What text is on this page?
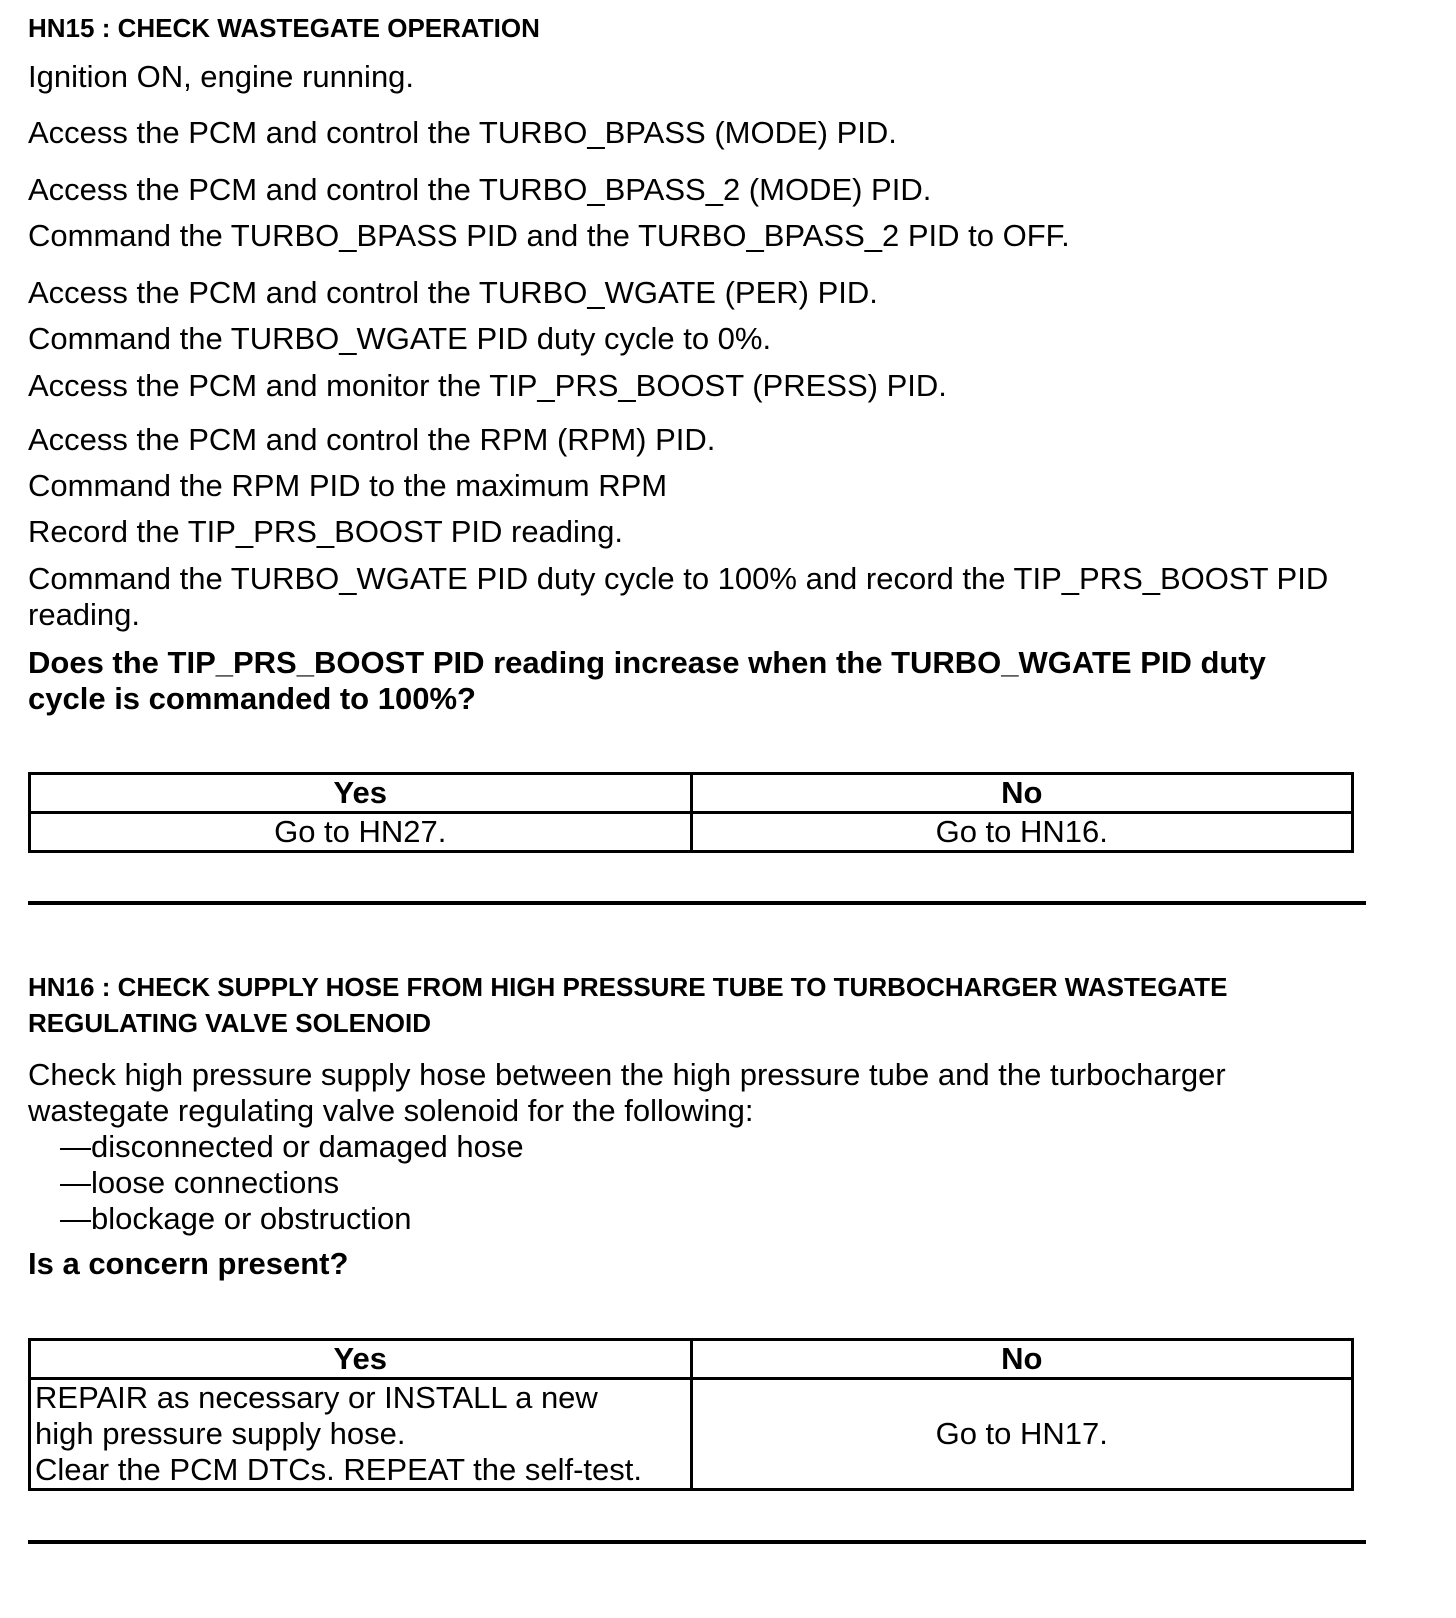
HN15 : CHECK WASTEGATE OPERATION

Ignition ON, engine running.

Access the PCM and control the TURBO_BPASS (MODE) PID.

Access the PCM and control the TURBO_BPASS_2 (MODE) PID.

Command the TURBO_BPASS PID and the TURBO_BPASS_2 PID to OFF.

Access the PCM and control the TURBO_WGATE (PER) PID.

Command the TURBO_WGATE PID duty cycle to 0%.

Access the PCM and monitor the TIP_PRS_BOOST (PRESS) PID.

Access the PCM and control the RPM (RPM) PID.

Command the RPM PID to the maximum RPM

Record the TIP_PRS_BOOST PID reading.

Command the TURBO_WGATE PID duty cycle to 100% and record the TIP_PRS_BOOST PID reading.

Does the TIP_PRS_BOOST PID reading increase when the TURBO_WGATE PID duty cycle is commanded to 100%?

Yes	No
Go to HN27.	Go to HN16.

HN16 : CHECK SUPPLY HOSE FROM HIGH PRESSURE TUBE TO TURBOCHARGER WASTEGATE

REGULATING VALVE SOLENOID

Check high pressure supply hose between the high pressure tube and the turbocharger wastegate regulating valve solenoid for the following:

—disconnected or damaged hose

—loose connections

—blockage or obstruction

Is a concern present?

Yes	No

REPAIR as necessary or INSTALL a new
high pressure supply hose.
Clear the PCM DTCs. REPEAT the self-test.	Go to HN17.
